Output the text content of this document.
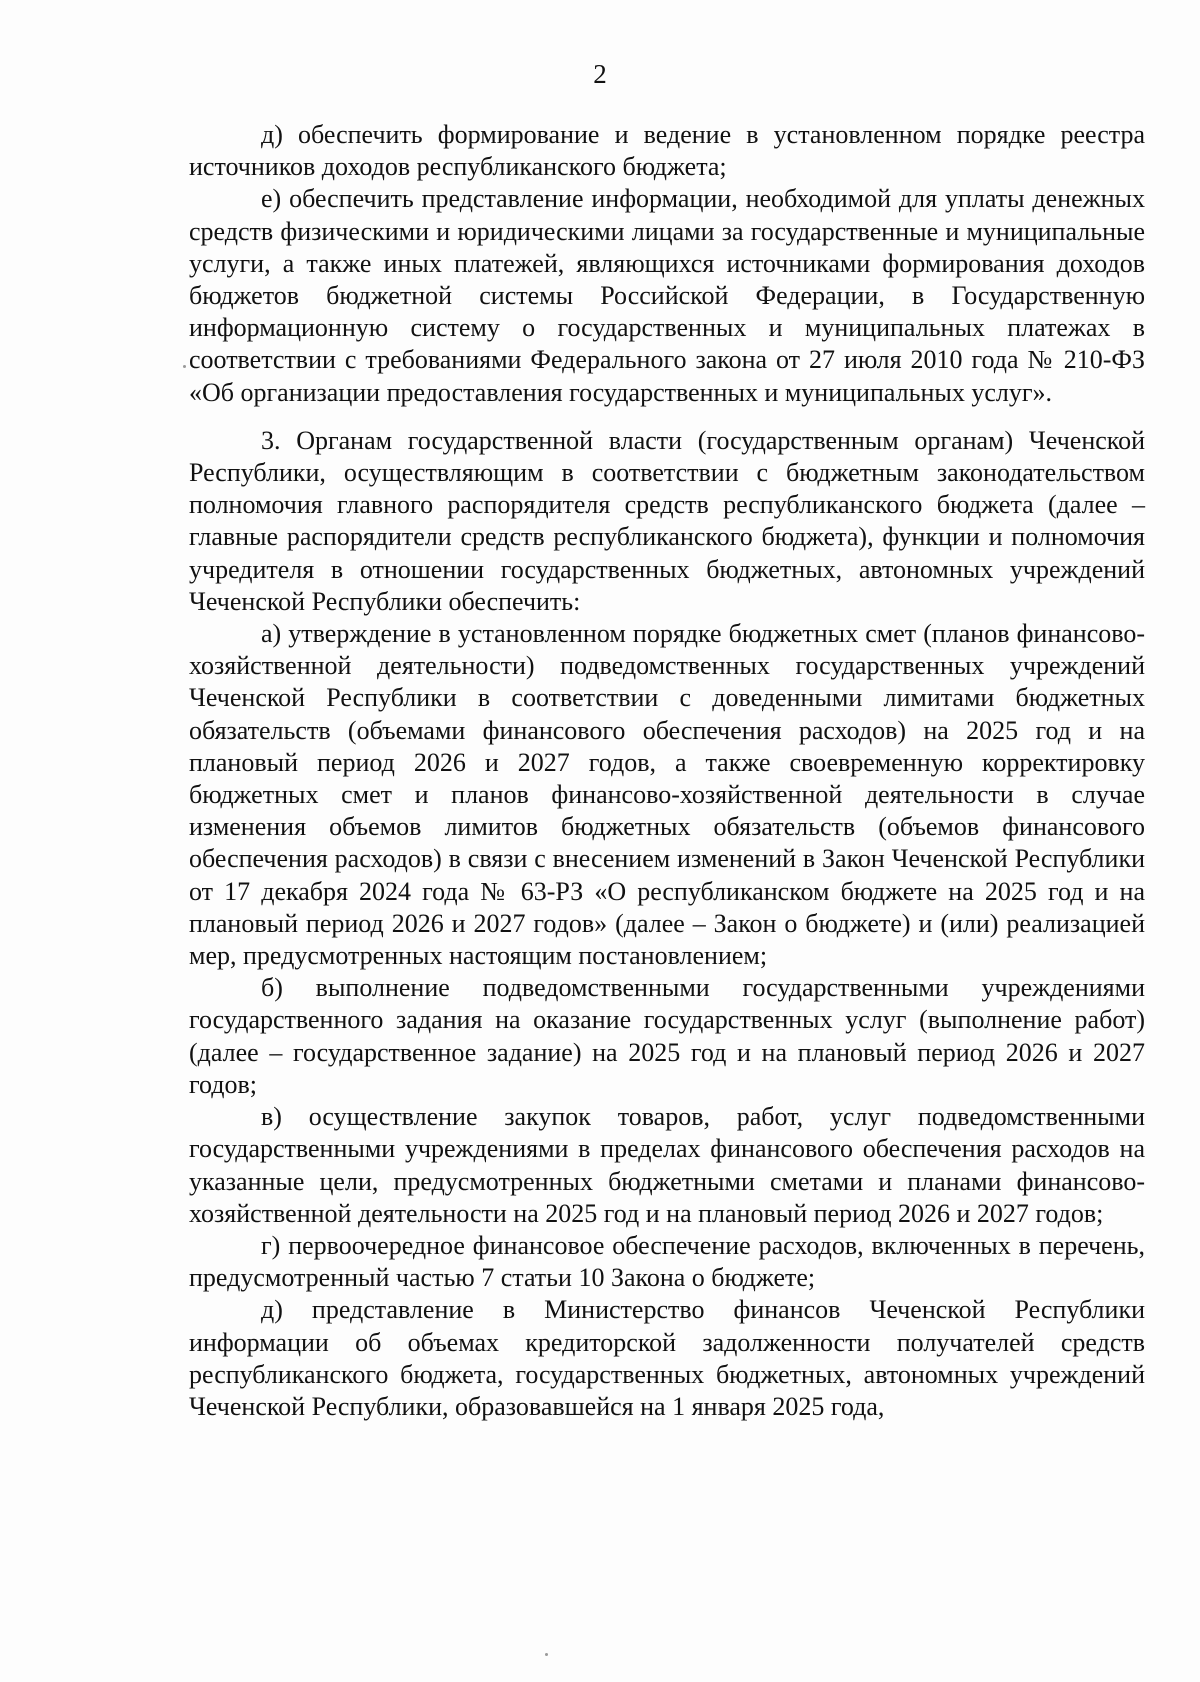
2

д) обеспечить формирование и ведение в установленном порядке реестра источников доходов республиканского бюджета;

е) обеспечить представление информации, необходимой для уплаты денежных средств физическими и юридическими лицами за государственные и муниципальные услуги, а также иных платежей, являющихся источниками формирования доходов бюджетов бюджетной системы Российской Федерации, в Государственную информационную систему о государственных и муниципальных платежах в соответствии с требованиями Федерального закона от 27 июля 2010 года № 210-ФЗ «Об организации предоставления государственных и муниципальных услуг».

3. Органам государственной власти (государственным органам) Чеченской Республики, осуществляющим в соответствии с бюджетным законодательством полномочия главного распорядителя средств республиканского бюджета (далее – главные распорядители средств республиканского бюджета), функции и полномочия учредителя в отношении государственных бюджетных, автономных учреждений Чеченской Республики обеспечить:

а) утверждение в установленном порядке бюджетных смет (планов финансово-хозяйственной деятельности) подведомственных государственных учреждений Чеченской Республики в соответствии с доведенными лимитами бюджетных обязательств (объемами финансового обеспечения расходов) на 2025 год и на плановый период 2026 и 2027 годов, а также своевременную корректировку бюджетных смет и планов финансово-хозяйственной деятельности в случае изменения объемов лимитов бюджетных обязательств (объемов финансового обеспечения расходов) в связи с внесением изменений в Закон Чеченской Республики от 17 декабря 2024 года № 63-РЗ «О республиканском бюджете на 2025 год и на плановый период 2026 и 2027 годов» (далее – Закон о бюджете) и (или) реализацией мер, предусмотренных настоящим постановлением;

б) выполнение подведомственными государственными учреждениями государственного задания на оказание государственных услуг (выполнение работ) (далее – государственное задание) на 2025 год и на плановый период 2026 и 2027 годов;

в) осуществление закупок товаров, работ, услуг подведомственными государственными учреждениями в пределах финансового обеспечения расходов на указанные цели, предусмотренных бюджетными сметами и планами финансово-хозяйственной деятельности на 2025 год и на плановый период 2026 и 2027 годов;

г) первоочередное финансовое обеспечение расходов, включенных в перечень, предусмотренный частью 7 статьи 10 Закона о бюджете;

д) представление в Министерство финансов Чеченской Республики информации об объемах кредиторской задолженности получателей средств республиканского бюджета, государственных бюджетных, автономных учреждений Чеченской Республики, образовавшейся на 1 января 2025 года,
